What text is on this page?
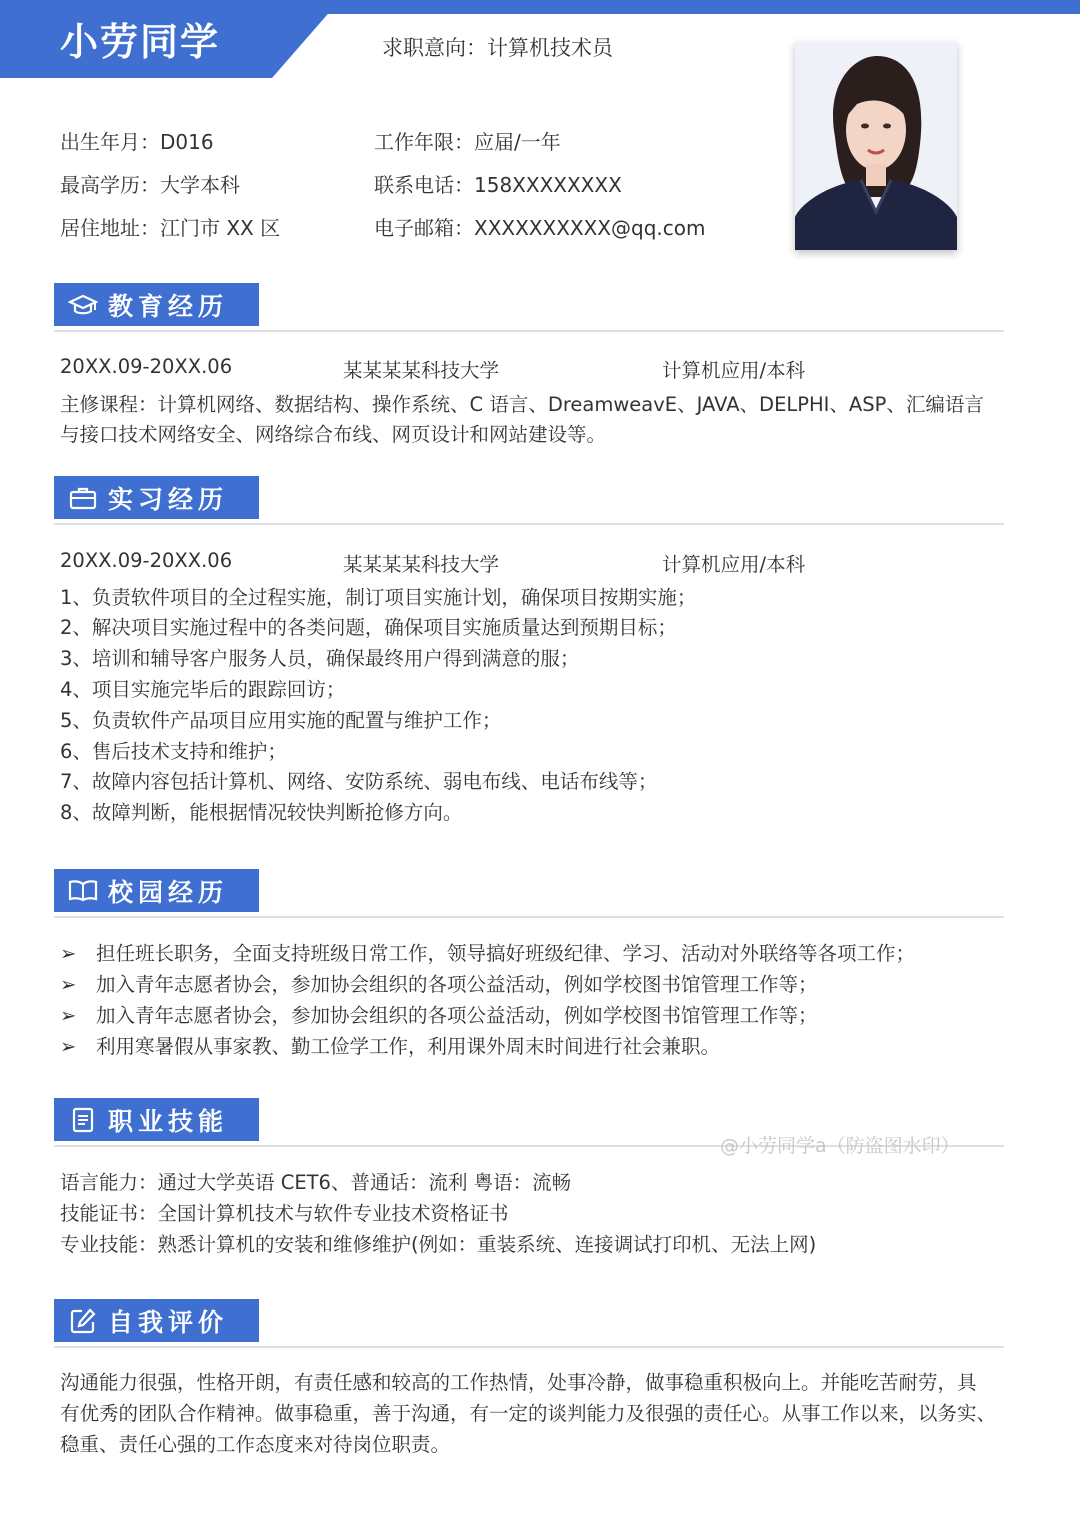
小劳同学	求职意向：计算机技术员
出生年月：D016	工作年限：应届/一年
最高学历：大学本科	联系电话：158XXXXXXXX
居住地址：江门市 XX 区	电子邮箱：XXXXXXXXXX@qq.com
教育经历
20XX.09-20XX.06	某某某某科技大学	计算机应用/本科
主修课程：计算机网络、数据结构、操作系统、C 语言、DreamweavE、JAVA、DELPHI、ASP、汇编语言
与接口技术网络安全、网络综合布线、网页设计和网站建设等。
实习经历
20XX.09-20XX.06	某某某某科技大学	计算机应用/本科
1、负责软件项目的全过程实施，制订项目实施计划，确保项目按期实施；
2、解决项目实施过程中的各类问题，确保项目实施质量达到预期目标；
3、培训和辅导客户服务人员，确保最终用户得到满意的服；
4、项目实施完毕后的跟踪回访；
5、负责软件产品项目应用实施的配置与维护工作；
6、售后技术支持和维护；
7、故障内容包括计算机、网络、安防系统、弱电布线、电话布线等；
8、故障判断，能根据情况较快判断抢修方向。
校园经历
➢ 担任班长职务，全面支持班级日常工作，领导搞好班级纪律、学习、活动对外联络等各项工作；
➢ 加入青年志愿者协会，参加协会组织的各项公益活动，例如学校图书馆管理工作等；
➢ 加入青年志愿者协会，参加协会组织的各项公益活动，例如学校图书馆管理工作等；
➢ 利用寒暑假从事家教、勤工俭学工作，利用课外周末时间进行社会兼职。
职业技能
@小劳同学a（防盗图水印）
语言能力：通过大学英语 CET6、普通话：流利 粤语：流畅
技能证书：全国计算机技术与软件专业技术资格证书
专业技能：熟悉计算机的安装和维修维护(例如：重装系统、连接调试打印机、无法上网)
自我评价
沟通能力很强，性格开朗，有责任感和较高的工作热情，处事冷静，做事稳重积极向上。并能吃苦耐劳，具
有优秀的团队合作精神。做事稳重，善于沟通，有一定的谈判能力及很强的责任心。从事工作以来，以务实、
稳重、责任心强的工作态度来对待岗位职责。
